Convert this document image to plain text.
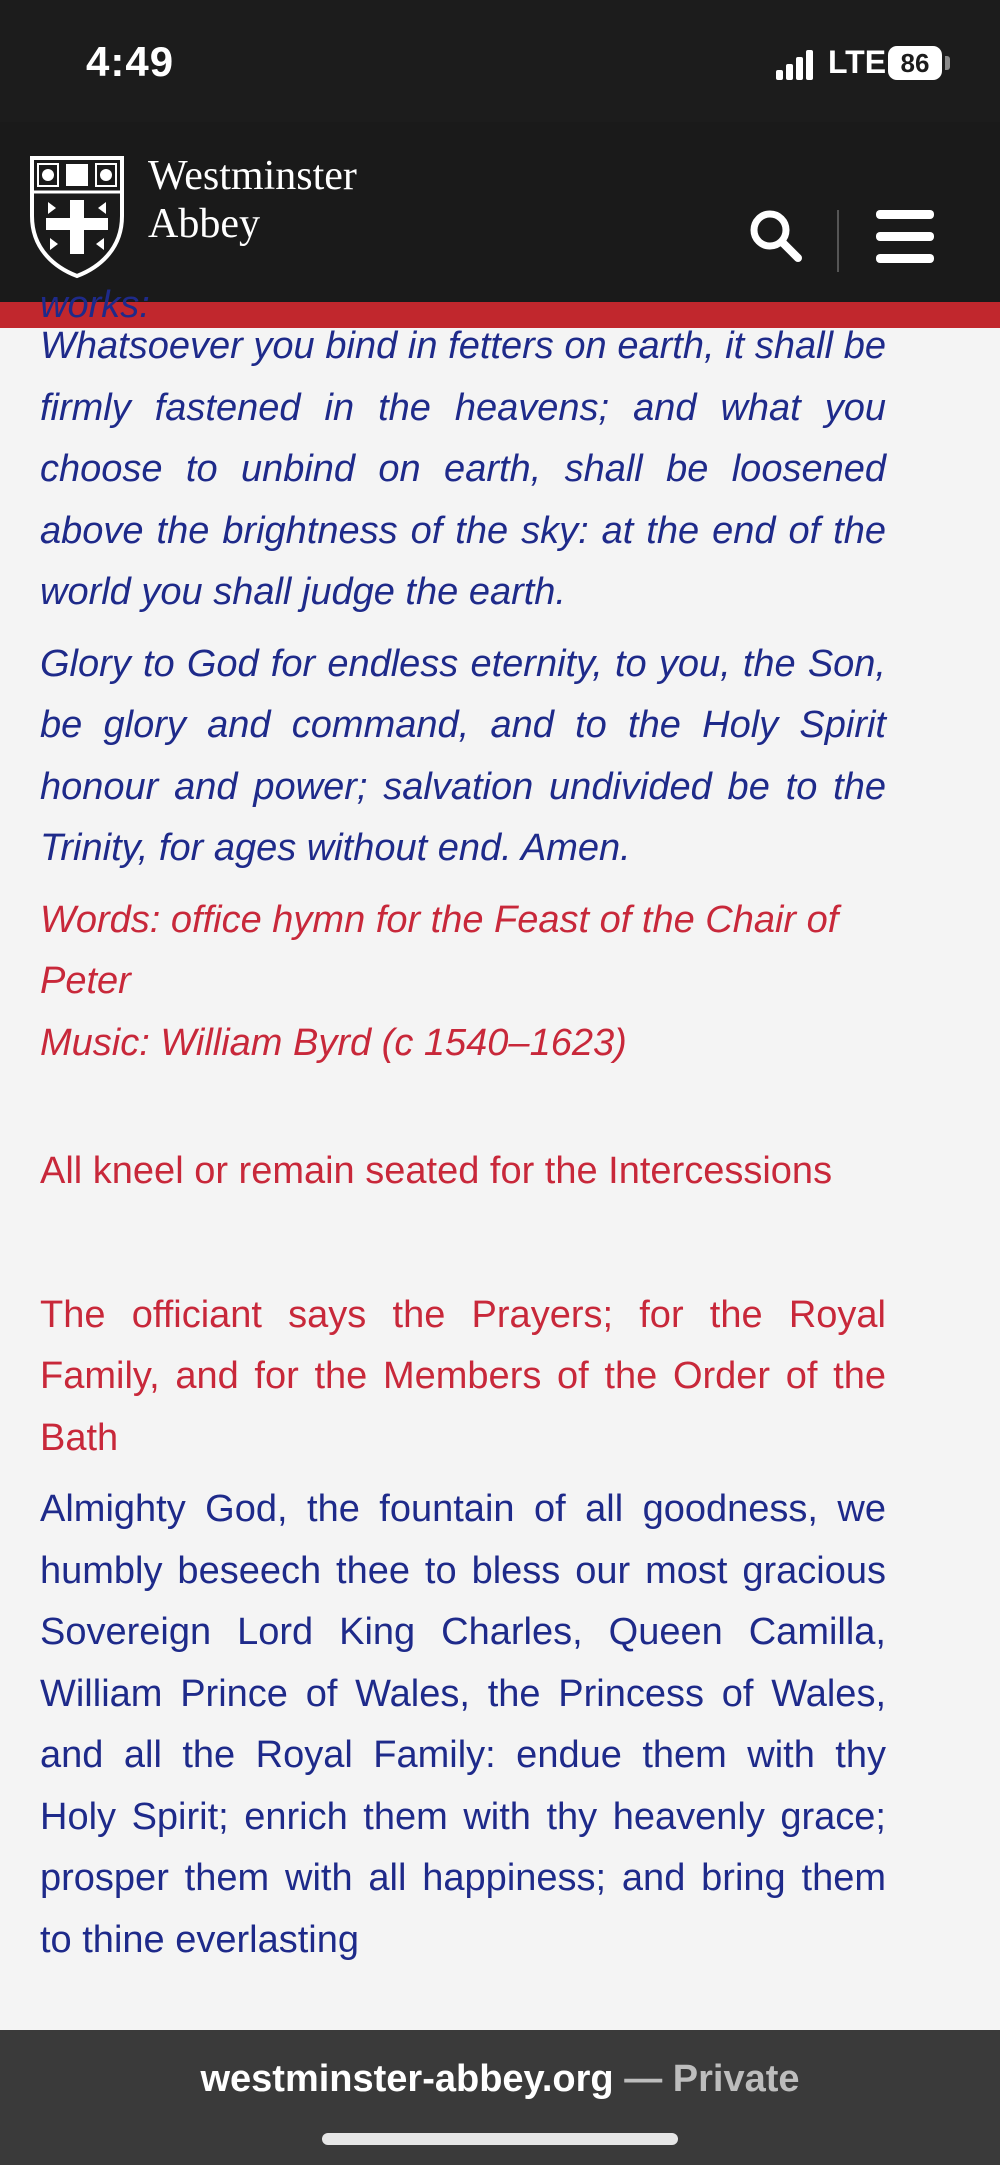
4:49	LTE 86
Westminster
Abbey
works:

Whatsoever you bind in fetters on earth, it shall be firmly fastened in the heavens; and what you choose to unbind on earth, shall be loosened above the brightness of the sky: at the end of the world you shall judge the earth.

Glory to God for endless eternity, to you, the Son, be glory and command, and to the Holy Spirit honour and power; salvation undivided be to the Trinity, for ages without end. Amen.

Words: office hymn for the Feast of the Chair of Peter
Music: William Byrd (c 1540–1623)

All kneel or remain seated for the Intercessions

The officiant says the Prayers; for the Royal Family, and for the Members of the Order of the Bath

Almighty God, the fountain of all goodness, we humbly beseech thee to bless our most gracious Sovereign Lord King Charles, Queen Camilla, William Prince of Wales, the Princess of Wales, and all the Royal Family: endue them with thy Holy Spirit; enrich them with thy heavenly grace; prosper them with all happiness; and bring them to thine everlasting

westminster-abbey.org — Private
